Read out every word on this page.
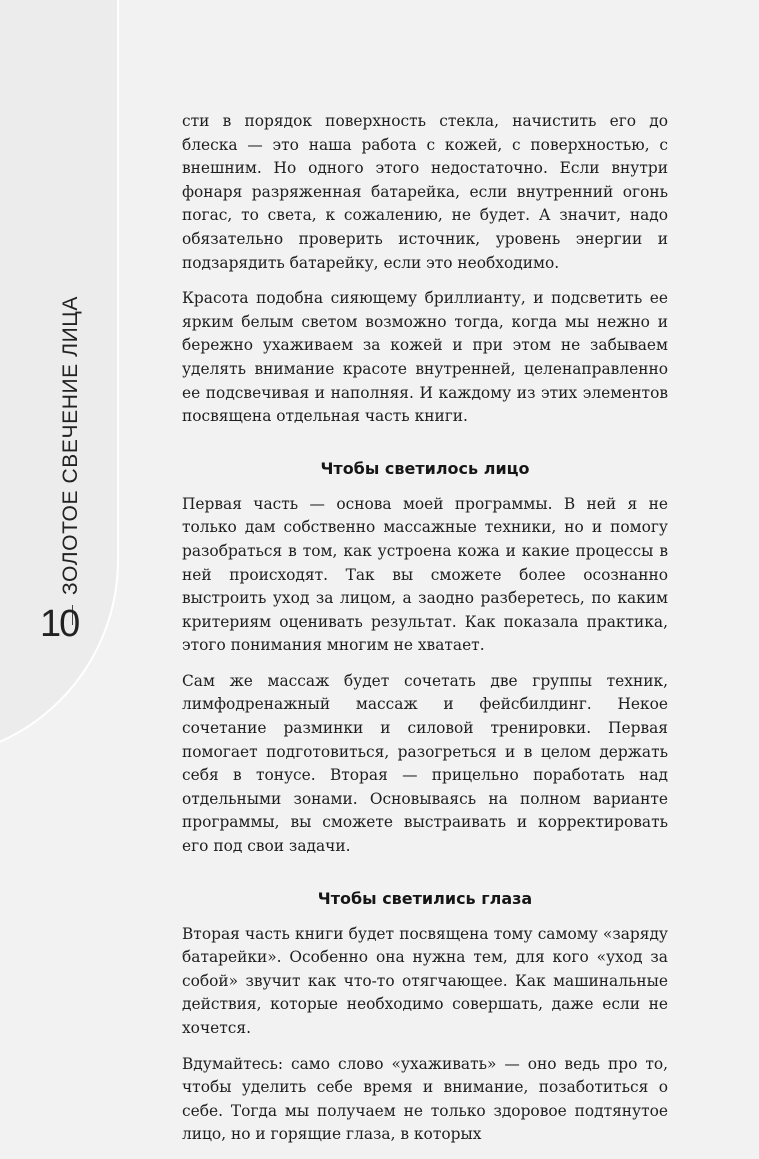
ЗОЛОТОЕ СВЕЧЕНИЕ ЛИЦА
10

сти в порядок поверхность стекла, начистить его до блеска — это наша работа с кожей, с поверхностью, с внешним. Но одного этого недостаточно. Если внутри фонаря разряженная батарейка, если внутренний огонь погас, то света, к сожалению, не будет. А значит, надо обязательно проверить источник, уровень энергии и подзарядить батарейку, если это необходимо.

Красота подобна сияющему бриллианту, и подсветить ее ярким белым светом возможно тогда, когда мы нежно и бережно ухаживаем за кожей и при этом не забываем уделять внимание красоте внутренней, целенаправленно ее подсвечивая и наполняя. И каждому из этих элементов посвящена отдельная часть книги.

Чтобы светилось лицо

Первая часть — основа моей программы. В ней я не только дам собственно массажные техники, но и помогу разобраться в том, как устроена кожа и какие процессы в ней происходят. Так вы сможете более осознанно выстроить уход за лицом, а заодно разберетесь, по каким критериям оценивать результат. Как показала практика, этого понимания многим не хватает.

Сам же массаж будет сочетать две группы техник, лимфодренажный массаж и фейсбилдинг. Некое сочетание разминки и силовой тренировки. Первая помогает подготовиться, разогреться и в целом держать себя в тонусе. Вторая — прицельно поработать над отдельными зонами. Основываясь на полном варианте программы, вы сможете выстраивать и корректировать его под свои задачи.

Чтобы светились глаза

Вторая часть книги будет посвящена тому самому «заряду батарейки». Особенно она нужна тем, для кого «уход за собой» звучит как что-то отягчающее. Как машинальные действия, которые необходимо совершать, даже если не хочется.

Вдумайтесь: само слово «ухаживать» — оно ведь про то, чтобы уделить себе время и внимание, позаботиться о себе. Тогда мы получаем не только здоровое подтянутое лицо, но и горящие глаза, в которых
